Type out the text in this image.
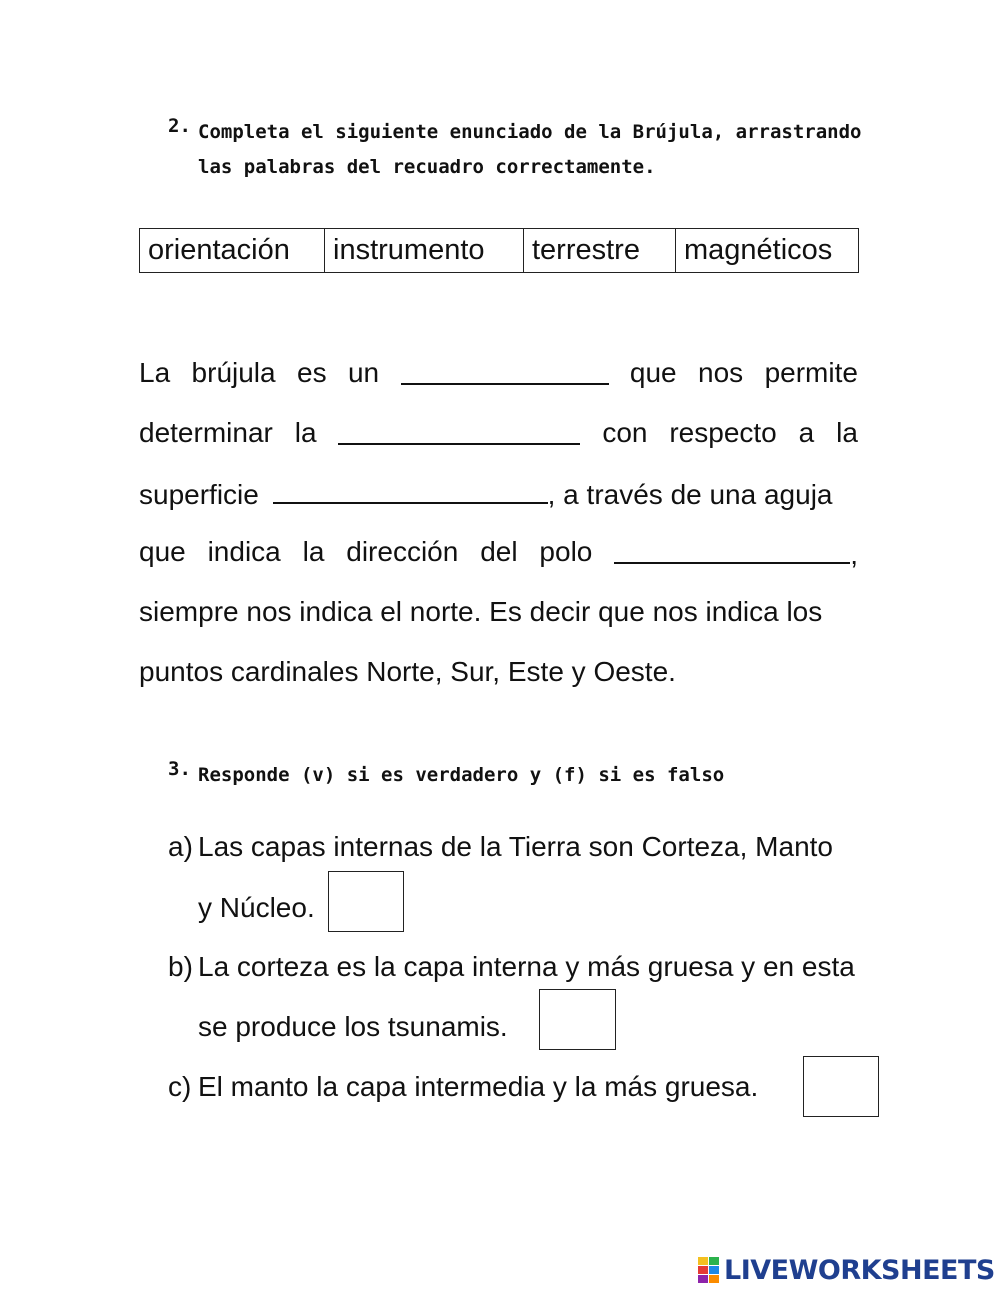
2. Completa el siguiente enunciado de la Brújula, arrastrando
las palabras del recuadro correctamente.
orientación	instrumento	terrestre	magnéticos
La brújula es un	que nos permite
determinar la	con respecto a la
superficie	, a través de una aguja
que indica la dirección del polo	,
siempre nos indica el norte. Es decir que nos indica los
puntos cardinales Norte, Sur, Este y Oeste.
3. Responde (v) si es verdadero y (f) si es falso
a) Las capas internas de la Tierra son Corteza, Manto
y Núcleo.
b) La corteza es la capa interna y más gruesa y en esta
se produce los tsunamis.
c) El manto la capa intermedia y la más gruesa.
LIVEWORKSHEETS
